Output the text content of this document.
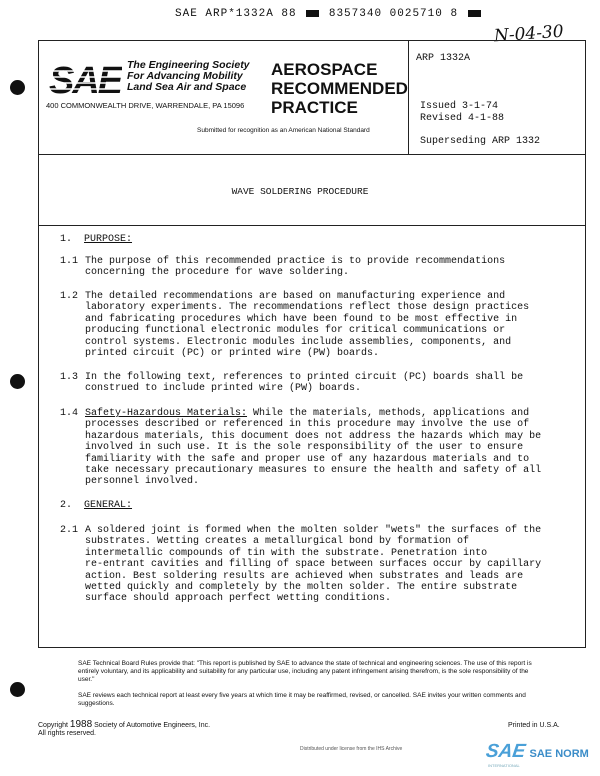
SAE ARP*1332A 88	8357340 0025710 8
N-04-30
SAE The Engineering Society
For Advancing Mobility
Land Sea Air and Space
400 COMMONWEALTH DRIVE, WARRENDALE, PA 15096
AEROSPACE
RECOMMENDED
PRACTICE
Submitted for recognition as an American National Standard
ARP 1332A
Issued 3-1-74
Revised 4-1-88
Superseding ARP 1332
WAVE SOLDERING PROCEDURE
1. PURPOSE:
1.1 The purpose of this recommended practice is to provide recommendations
concerning the procedure for wave soldering.
1.2 The detailed recommendations are based on manufacturing experience and
laboratory experiments. The recommendations reflect those design practices
and fabricating procedures which have been found to be most effective in
producing functional electronic modules for critical communications or
control systems. Electronic modules include assemblies, components, and
printed circuit (PC) or printed wire (PW) boards.
1.3 In the following text, references to printed circuit (PC) boards shall be
construed to include printed wire (PW) boards.
1.4 Safety-Hazardous Materials: While the materials, methods, applications and
processes described or referenced in this procedure may involve the use of
hazardous materials, this document does not address the hazards which may be
involved in such use. It is the sole responsibility of the user to ensure
familiarity with the safe and proper use of any hazardous materials and to
take necessary precautionary measures to ensure the health and safety of all
personnel involved.
2. GENERAL:
2.1 A soldered joint is formed when the molten solder "wets" the surfaces of the
substrates. Wetting creates a metallurgical bond by formation of
intermetallic compounds of tin with the substrate. Penetration into
re-entrant cavities and filling of space between surfaces occur by capillary
action. Best soldering results are achieved when substrates and leads are
wetted quickly and completely by the molten solder. The entire substrate
surface should approach perfect wetting conditions.
SAE Technical Board Rules provide that: "This report is published by SAE to advance the state of technical and engineering sciences. The use of this report is entirely voluntary, and its applicability and suitability for any particular use, including any patent infringement arising therefrom, is the sole responsibility of the user."
SAE reviews each technical report at least every five years at which time it may be reaffirmed, revised, or cancelled. SAE invites your written comments and suggestions.
Copyright 1988 Society of Automotive Engineers, Inc.
All rights reserved.
Printed in U.S.A.
Distributed under license from the IHS Archive	SAE SAE NORM
INTERNATIONAL
